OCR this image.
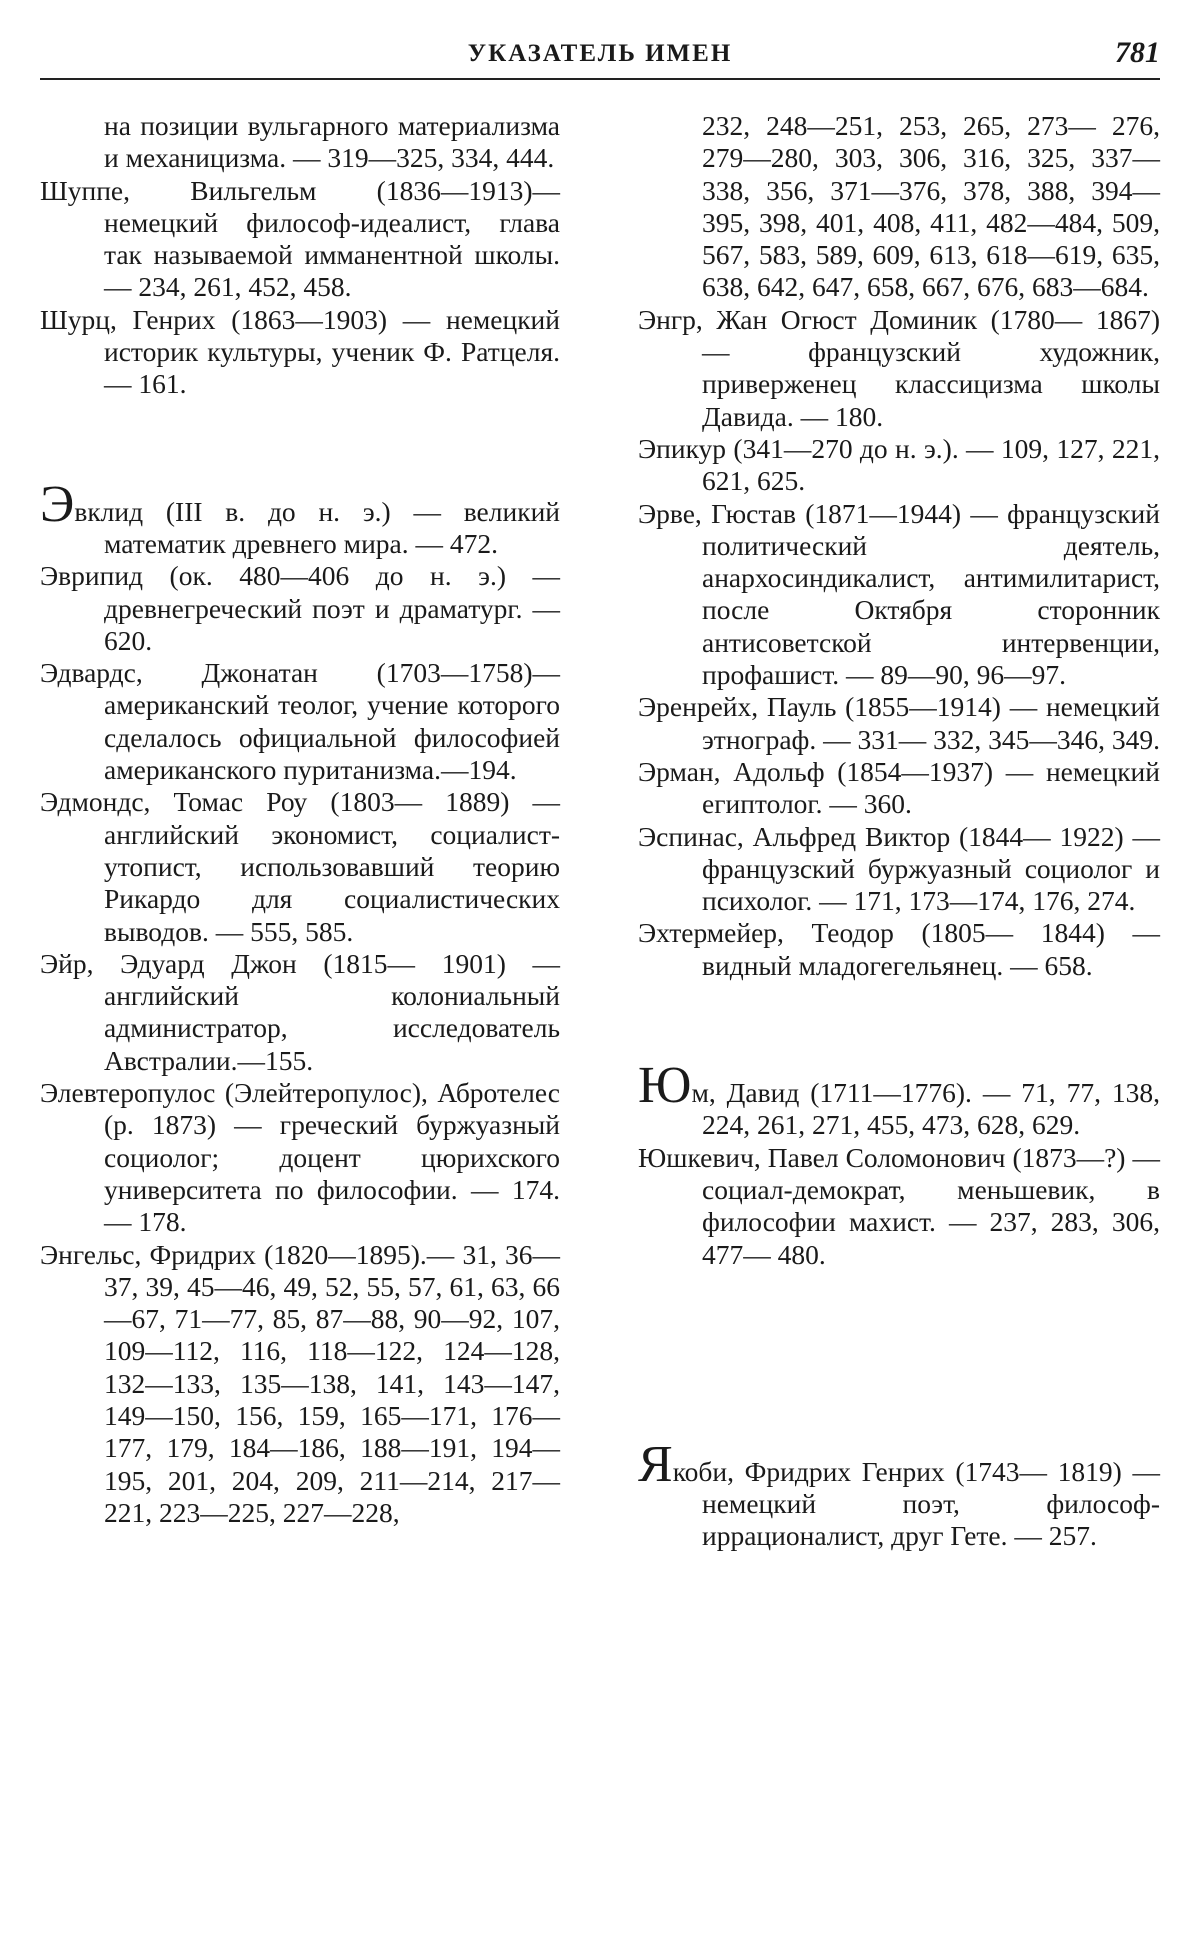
УКАЗАТЕЛЬ ИМЕН	781

на позиции вульгарного материализма и механицизма. — 319—325, 334, 444.

Шуппе, Вильгельм (1836—1913)— немецкий философ-идеалист, глава так называемой имманентной школы. — 234, 261, 452, 458.

Шурц, Генрих (1863—1903) — немецкий историк культуры, ученик Ф. Ратцеля. — 161.

Эвклид (III в. до н. э.) — великий математик древнего мира. — 472.

Эврипид (ок. 480—406 до н. э.) — древнегреческий поэт и драматург. — 620.

Эдвардс, Джонатан (1703—1758)— американский теолог, учение которого сделалось официальной философией американского пуританизма.—194.

Эдмондс, Томас Роу (1803— 1889) — английский экономист, социалист-утопист, использовавший теорию Рикардо для социалистических выводов. — 555, 585.

Эйр, Эдуард Джон (1815— 1901) — английский колониальный администратор, исследователь Австралии.—155.

Элевтеропулос (Элейтеропулос), Абротелес (р. 1873) — греческий буржуазный социолог; доцент цюрихского университета по философии. — 174.— 178.

Энгельс, Фридрих (1820—1895).— 31, 36—37, 39, 45—46, 49, 52, 55, 57, 61, 63, 66—67, 71—77, 85, 87—88, 90—92, 107, 109—112, 116, 118—122, 124—128, 132—133, 135—138, 141, 143—147, 149—150, 156, 159, 165—171, 176—177, 179, 184—186, 188—191, 194—195, 201, 204, 209, 211—214, 217—221, 223—225, 227—228,

232, 248—251, 253, 265, 273— 276, 279—280, 303, 306, 316, 325, 337—338, 356, 371—376, 378, 388, 394—395, 398, 401, 408, 411, 482—484, 509, 567, 583, 589, 609, 613, 618—619, 635, 638, 642, 647, 658, 667, 676, 683—684.

Энгр, Жан Огюст Доминик (1780— 1867) — французский художник, приверженец классицизма школы Давида. — 180.

Эпикур (341—270 до н. э.). — 109, 127, 221, 621, 625.

Эрве, Гюстав (1871—1944) — французский политический деятель, анархосиндикалист, антимилитарист, после Октября сторонник антисоветской интервенции, профашист. — 89—90, 96—97.

Эренрейх, Пауль (1855—1914) — немецкий этнограф. — 331— 332, 345—346, 349.

Эрман, Адольф (1854—1937) — немецкий египтолог. — 360.

Эспинас, Альфред Виктор (1844— 1922) — французский буржуазный социолог и психолог. — 171, 173—174, 176, 274.

Эхтермейер, Теодор (1805— 1844) — видный младогегельянец. — 658.

Юм, Давид (1711—1776). — 71, 77, 138, 224, 261, 271, 455, 473, 628, 629.

Юшкевич, Павел Соломонович (1873—?) — социал-демократ, меньшевик, в философии махист. — 237, 283, 306, 477— 480.

Якоби, Фридрих Генрих (1743— 1819) — немецкий поэт, философ-иррационалист, друг Гете. — 257.
